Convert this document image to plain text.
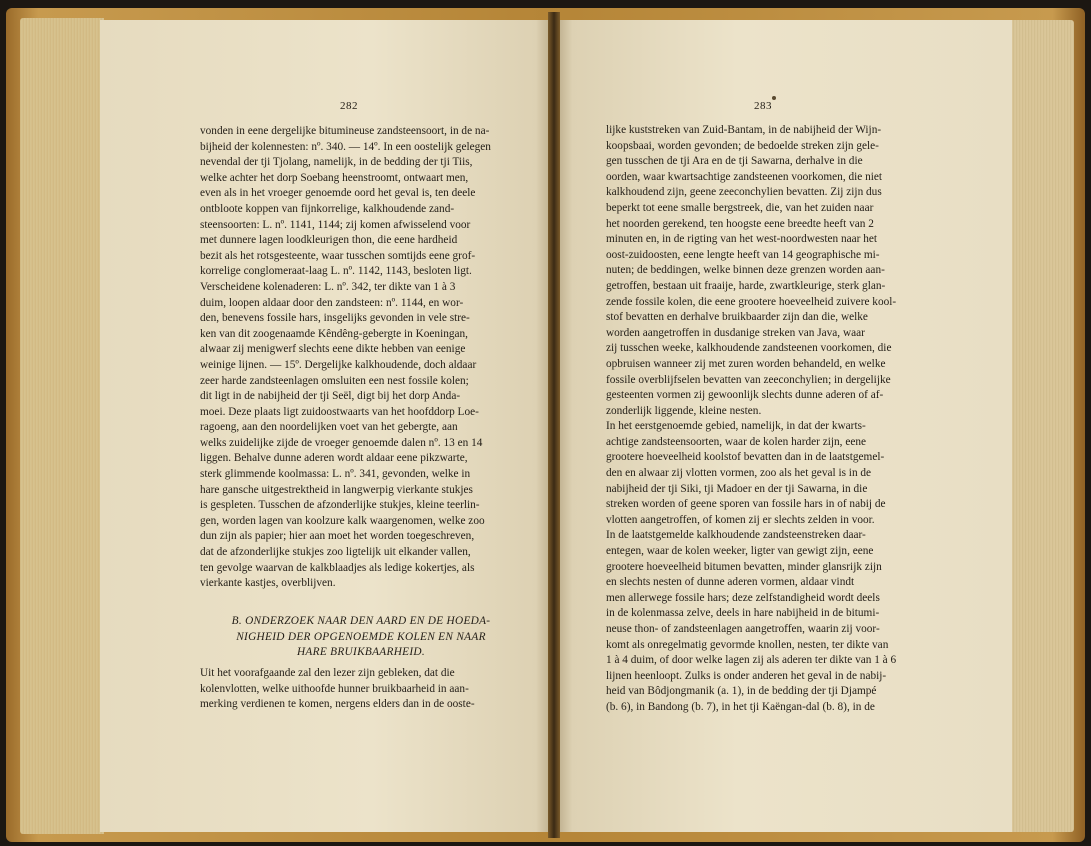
282
vonden in eene dergelijke bitumineuse zandsteensoort, in de na-
bijheid der kolennesten: nº. 340. — 14º. In een oostelijk gelegen
nevendal der tji Tjolang, namelijk, in de bedding der tji Tiis,
welke achter het dorp Soebang heenstroomt, ontwaart men,
even als in het vroeger genoemde oord het geval is, ten deele
ontbloote koppen van fijnkorrelige, kalkhoudende zand-
steensoorten: L. nº. 1141, 1144; zij komen afwisselend voor
met dunnere lagen loodkleurigen thon, die eene hardheid
bezit als het rotsgesteente, waar tusschen somtijds eene grof-
korrelige conglomeraat-laag L. nº. 1142, 1143, besloten ligt.
Verscheidene kolenaderen: L. nº. 342, ter dikte van 1 à 3
duim, loopen aldaar door den zandsteen: nº. 1144, en wor-
den, benevens fossile hars, insgelijks gevonden in vele stre-
ken van dit zoogenaamde Kêndêng-gebergte in Koeningan,
alwaar zij menigwerf slechts eene dikte hebben van eenige
weinige lijnen. — 15º. Dergelijke kalkhoudende, doch aldaar
zeer harde zandsteenlagen omsluiten een nest fossile kolen;
dit ligt in de nabijheid der tji Seël, digt bij het dorp Anda-
moei. Deze plaats ligt zuidoostwaarts van het hoofddorp Loe-
ragoeng, aan den noordelijken voet van het gebergte, aan
welks zuidelijke zijde de vroeger genoemde dalen nº. 13 en 14
liggen. Behalve dunne aderen wordt aldaar eene pikzwarte,
sterk glimmende koolmassa: L. nº. 341, gevonden, welke in
hare gansche uitgestrektheid in langwerpig vierkante stukjes
is gespleten. Tusschen de afzonderlijke stukjes, kleine teerlin-
gen, worden lagen van koolzure kalk waargenomen, welke zoo
dun zijn als papier; hier aan moet het worden toegeschreven,
dat de afzonderlijke stukjes zoo ligtelijk uit elkander vallen,
ten gevolge waarvan de kalkblaadjes als ledige kokertjes, als
vierkante kastjes, overblijven.
B. ONDERZOEK NAAR DEN AARD EN DE HOEDA-
NIGHEID DER OPGENOEMDE KOLEN EN NAAR
HARE BRUIKBAARHEID.
Uit het voorafgaande zal den lezer zijn gebleken, dat die
kolenvlotten, welke uithoofde hunner bruikbaarheid in aan-
merking verdienen te komen, nergens elders dan in de ooste-
283
lijke kuststreken van Zuid-Bantam, in de nabijheid der Wijn-
koopsbaai, worden gevonden; de bedoelde streken zijn gele-
gen tusschen de tji Ara en de tji Sawarna, derhalve in die
oorden, waar kwartsachtige zandsteenen voorkomen, die niet
kalkhoudend zijn, geene zeeconchylien bevatten. Zij zijn dus
beperkt tot eene smalle bergstreek, die, van het zuiden naar
het noorden gerekend, ten hoogste eene breedte heeft van 2
minuten en, in de rigting van het west-noordwesten naar het
oost-zuidoosten, eene lengte heeft van 14 geographische mi-
nuten; de beddingen, welke binnen deze grenzen worden aan-
getroffen, bestaan uit fraaije, harde, zwartkleurige, sterk glan-
zende fossile kolen, die eene grootere hoeveelheid zuivere kool-
stof bevatten en derhalve bruikbaarder zijn dan die, welke
worden aangetroffen in dusdanige streken van Java, waar
zij tusschen weeke, kalkhoudende zandsteenen voorkomen, die
opbruisen wanneer zij met zuren worden behandeld, en welke
fossile overblijfselen bevatten van zeeconchylien; in dergelijke
gesteenten vormen zij gewoonlijk slechts dunne aderen of af-
zonderlijk liggende, kleine nesten.
In het eerstgenoemde gebied, namelijk, in dat der kwarts-
achtige zandsteensoorten, waar de kolen harder zijn, eene
grootere hoeveelheid koolstof bevatten dan in de laatstgemel-
den en alwaar zij vlotten vormen, zoo als het geval is in de
nabijheid der tji Siki, tji Madoer en der tji Sawarna, in die
streken worden of geene sporen van fossile hars in of nabij de
vlotten aangetroffen, of komen zij er slechts zelden in voor.
In de laatstgemelde kalkhoudende zandsteenstreken daar-
entegen, waar de kolen weeker, ligter van gewigt zijn, eene
grootere hoeveelheid bitumen bevatten, minder glansrijk zijn
en slechts nesten of dunne aderen vormen, aldaar vindt
men allerwege fossile hars; deze zelfstandigheid wordt deels
in de kolenmassa zelve, deels in hare nabijheid in de bitumi-
neuse thon- of zandsteenlagen aangetroffen, waarin zij voor-
komt als onregelmatig gevormde knollen, nesten, ter dikte van
1 à 4 duim, of door welke lagen zij als aderen ter dikte van 1 à 6
lijnen heenloopt. Zulks is onder anderen het geval in de nabij-
heid van Bôdjongmanik (a. 1), in de bedding der tji Djampé
(b. 6), in Bandong (b. 7), in het tji Kaëngan-dal (b. 8), in de
